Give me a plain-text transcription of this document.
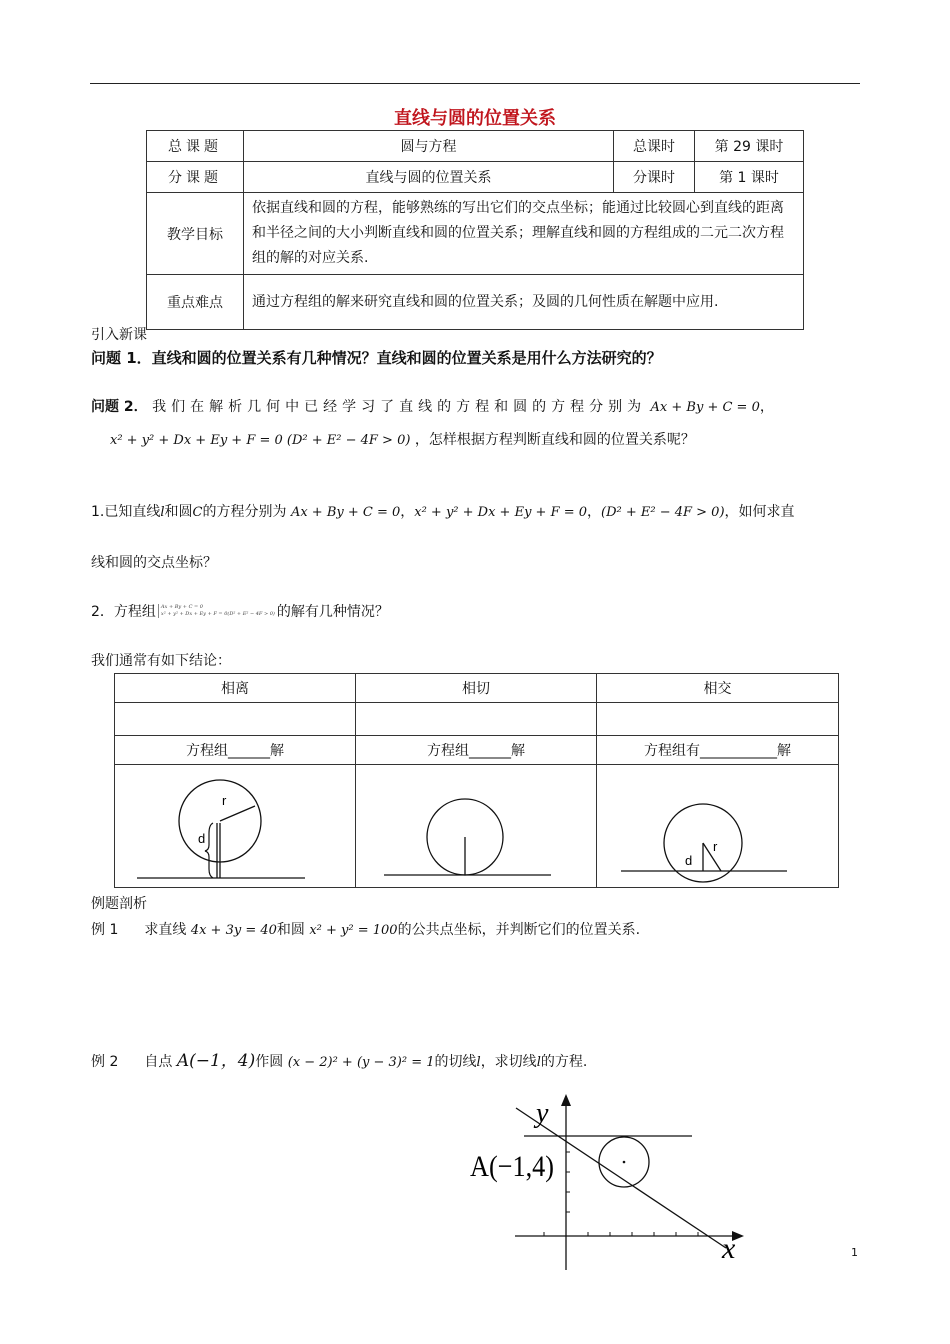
直线与圆的位置关系
总课题	圆与方程	总课时	第 29 课时
分课题	直线与圆的位置关系	分课时	第 1 课时
教学目标	依据直线和圆的方程，能够熟练的写出它们的交点坐标；能通过比较圆心到直线的距离和半径之间的大小判断直线和圆的位置关系；理解直线和圆的方程组成的二元二次方程组的解的对应关系.		
重点难点	通过方程组的解来研究直线和圆的位置关系；及圆的几何性质在解题中应用.		
引入新课
问题 1．直线和圆的位置关系有几种情况？直线和圆的位置关系是用什么方法研究的？
问题 2． 我们在解析几何中已经学习了直线的方程和圆的方程分别为 Ax + By + C = 0，
x² + y² + Dx + Ey + F = 0 (D² + E² − 4F > 0) ，怎样根据方程判断直线和圆的位置关系呢？
1.已知直线l和圆C的方程分别为 Ax + By + C = 0，x² + y² + Dx + Ey + F = 0，(D² + E² − 4F > 0)，如何求直
线和圆的交点坐标？
2．方程组 Ax + By + C = 0
x² + y² + Dx + Ey + F = 0(D² + E² − 4F > 0) 的解有几种情况？
我们通常有如下结论：
相离	相切	相交

方程组______解	方程组______解	方程组有___________解

r
d		r
d
例题剖析
例 1 求直线 4x + 3y = 40和圆 x² + y² = 100的公共点坐标，并判断它们的位置关系.
例 2 自点 A(−1，4)作圆 (x − 2)² + (y − 3)² = 1的切线l，求切线l的方程.
y
x
A(−1,4)
1
